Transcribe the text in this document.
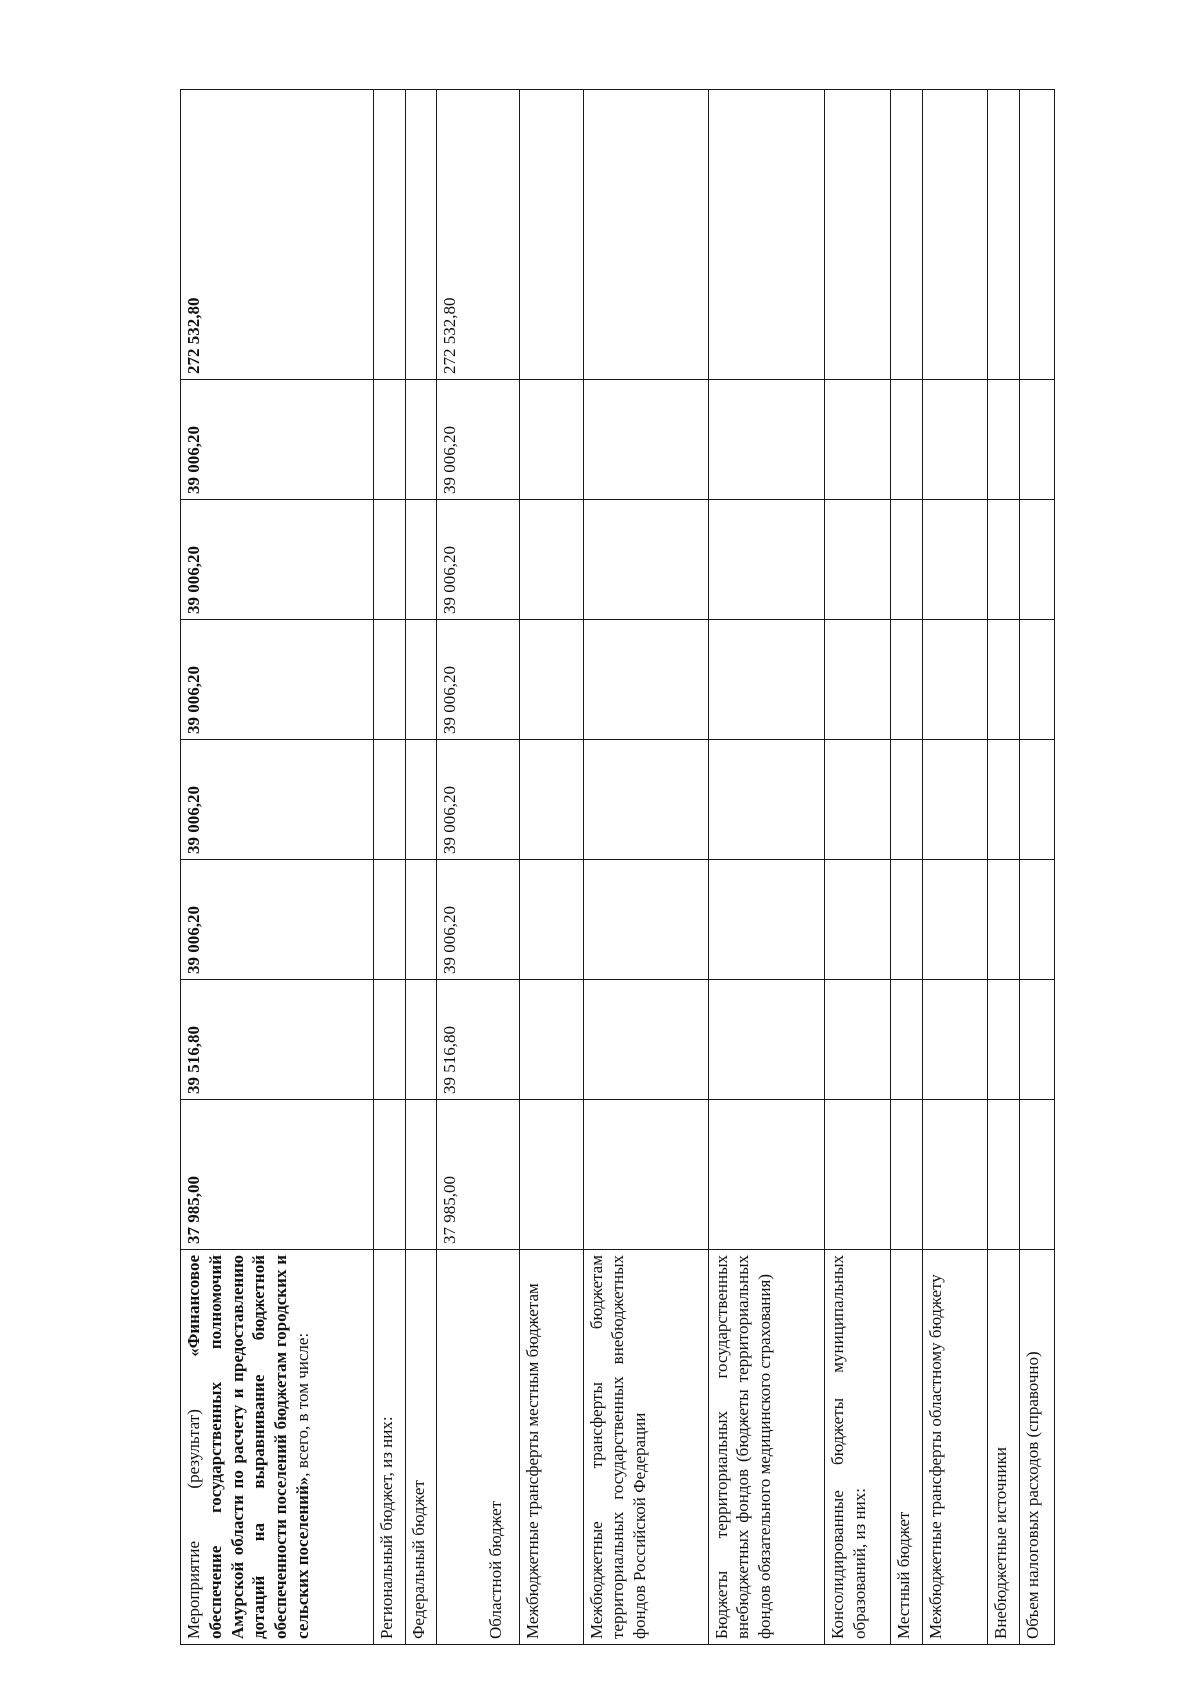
Мероприятие (результат) «Финансовое обеспечение государственных полномочий Амурской области по расчету и предоставлению дотаций на выравнивание бюджетной обеспеченности поселений бюджетам городских и сельских поселений», всего, в том числе:	37 985,00	39 516,80	39 006,20	39 006,20	39 006,20	39 006,20	39 006,20	272 532,80
Региональный бюджет, из них:								
Федеральный бюджет								
Областной бюджет	37 985,00	39 516,80	39 006,20	39 006,20	39 006,20	39 006,20	39 006,20	272 532,80
Межбюджетные трансферты местным бюджетам								
Межбюджетные трансферты бюджетам территориальных государственных внебюджетных фондов Российской Федерации								
Бюджеты территориальных государственных внебюджетных фондов (бюджеты территориальных фондов обязательного медицинского страхования)								
Консолидированные бюджеты муниципальных образований, из них:								
Местный бюджет								
Межбюджетные трансферты областному бюджету								
Внебюджетные источники								
Объем налоговых расходов (справочно)								
